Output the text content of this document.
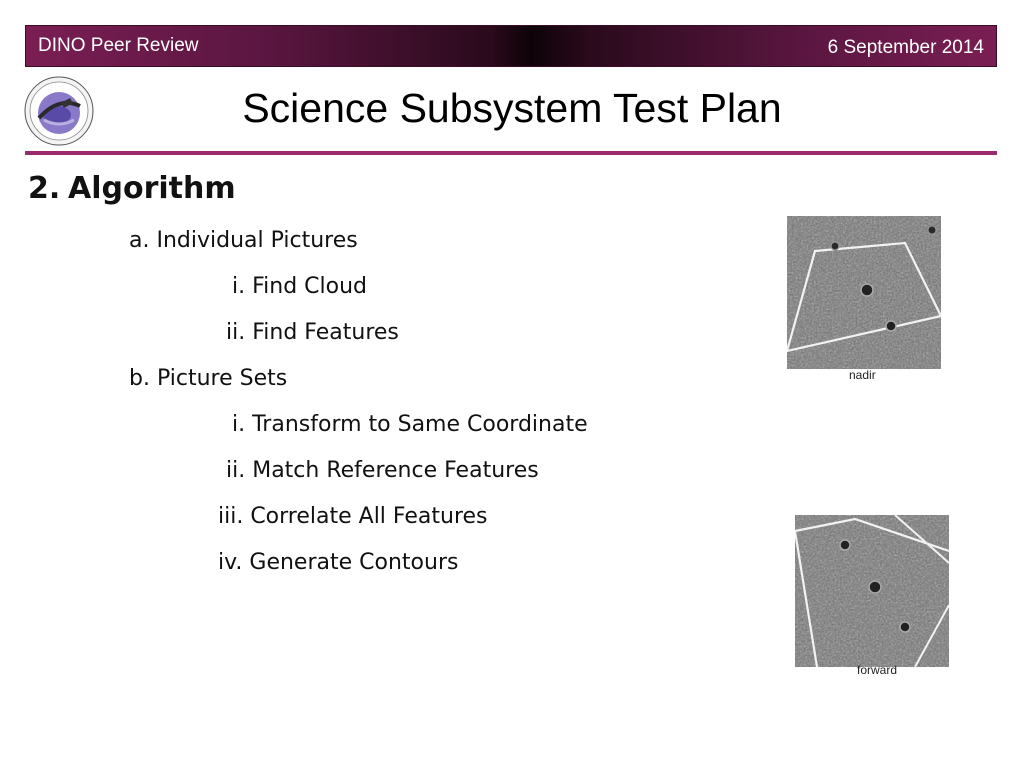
DINO Peer Review	6 September 2014
Science Subsystem Test Plan
2. Algorithm
a. Individual Pictures
i. Find Cloud
ii. Find Features
b. Picture Sets
i. Transform to Same Coordinate
ii. Match Reference Features
iii. Correlate All Features
iv. Generate Contours
nadir
forward
